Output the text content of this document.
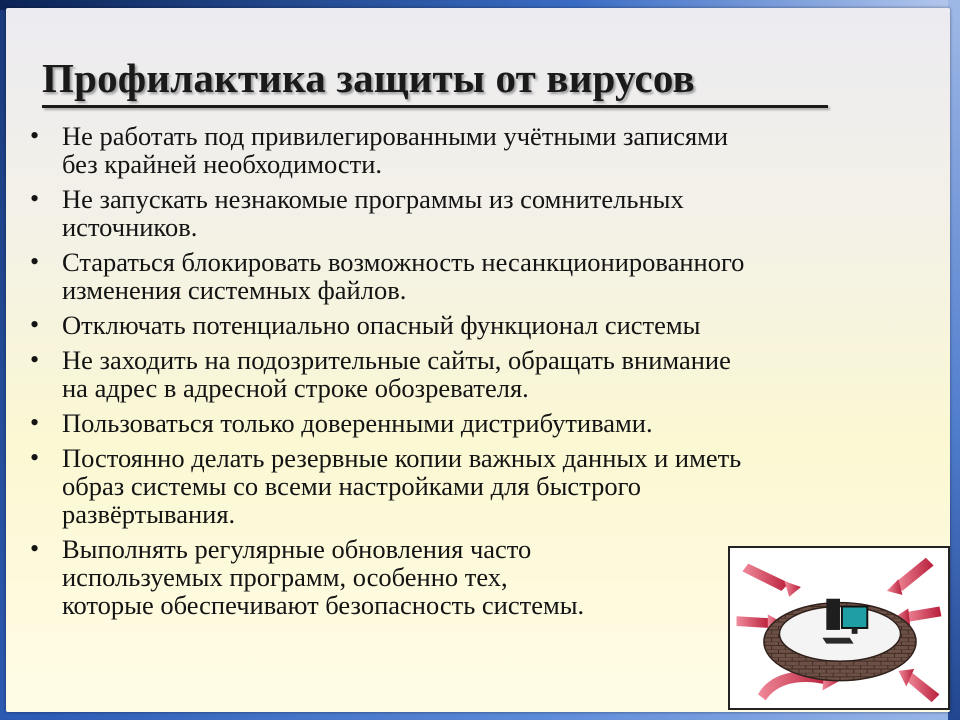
Профилактика защиты от вирусов
• Не работать под привилегированными учётными записями
без крайней необходимости.
• Не запускать незнакомые программы из сомнительных
источников.
• Стараться блокировать возможность несанкционированного
изменения системных файлов.
• Отключать потенциально опасный функционал системы
• Не заходить на подозрительные сайты, обращать внимание
на адрес в адресной строке обозревателя.
• Пользоваться только доверенными дистрибутивами.
• Постоянно делать резервные копии важных данных и иметь
образ системы со всеми настройками для быстрого
развёртывания.
• Выполнять регулярные обновления часто
используемых программ, особенно тех,
которые обеспечивают безопасность системы.
